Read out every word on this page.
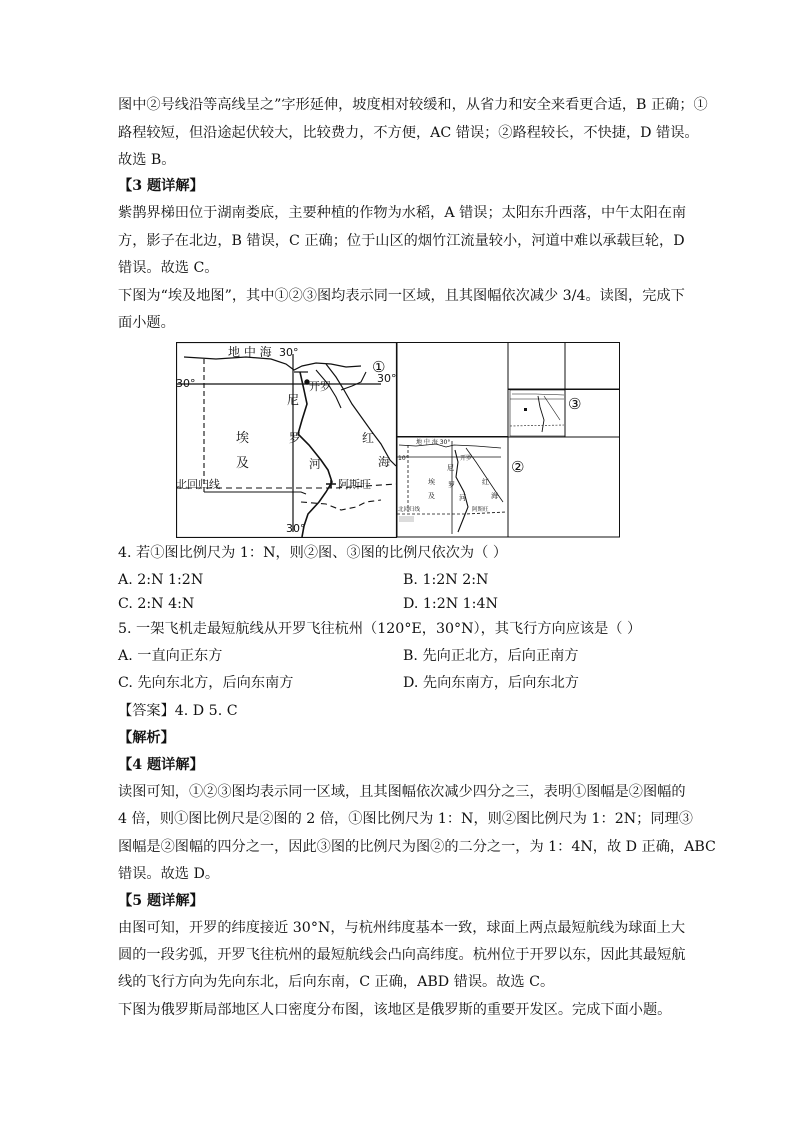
图中②号线沿等高线呈之”字形延伸，坡度相对较缓和，从省力和安全来看更合适，B 正确；①
路程较短，但沿途起伏较大，比较费力，不方便，AC 错误；②路程较长，不快捷，D 错误。
故选 B。
【3 题详解】
紫鹊界梯田位于湖南娄底，主要种植的作物为水稻，A 错误；太阳东升西落，中午太阳在南
方，影子在北边，B 错误，C 正确；位于山区的烟竹江流量较小，河道中难以承载巨轮，D
错误。故选 C。
下图为“埃及地图”，其中①②③图均表示同一区域，且其图幅依次减少 3/4。读图，完成下
面小题。
地 中 海 30°
30°	30°
开罗
尼
罗
河
埃
及
红
海
北回归线	阿斯旺
30°
①
地 中 海 30°
10°	开罗
埃
及
尼
罗
河
红
海
北回归线	阿斯旺
②
③
4. 若①图比例尺为 1：N，则②图、③图的比例尺依次为（ ）
A. 2:N 1:2N	B. 1:2N 2:N
C. 2:N 4:N	D. 1:2N 1:4N
5. 一架飞机走最短航线从开罗飞往杭州（120°E，30°N），其飞行方向应该是（ ）
A. 一直向正东方	B. 先向正北方，后向正南方
C. 先向东北方，后向东南方	D. 先向东南方，后向东北方
【答案】4. D 5. C
【解析】
【4 题详解】
读图可知，①②③图均表示同一区域，且其图幅依次减少四分之三，表明①图幅是②图幅的
4 倍，则①图比例尺是②图的 2 倍，①图比例尺为 1：N，则②图比例尺为 1：2N；同理③
图幅是②图幅的四分之一，因此③图的比例尺为图②的二分之一，为 1：4N，故 D 正确，ABC
错误。故选 D。
【5 题详解】
由图可知，开罗的纬度接近 30°N，与杭州纬度基本一致，球面上两点最短航线为球面上大
圆的一段劣弧，开罗飞往杭州的最短航线会凸向高纬度。杭州位于开罗以东，因此其最短航
线的飞行方向为先向东北，后向东南，C 正确，ABD 错误。故选 C。
下图为俄罗斯局部地区人口密度分布图，该地区是俄罗斯的重要开发区。完成下面小题。
